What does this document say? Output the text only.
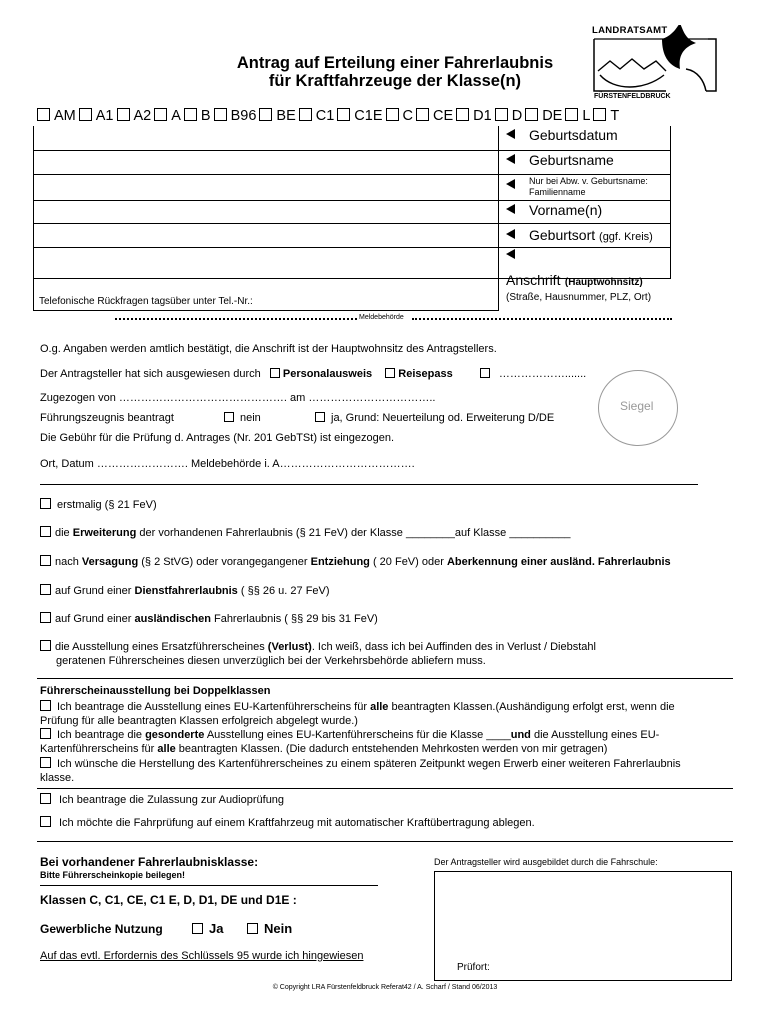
LANDRATSAMT
FÜRSTENFELDBRUCK
Antrag auf Erteilung einer Fahrerlaubnis
für Kraftfahrzeuge der Klasse(n)
AM A1 A2 A B B96 BE C1 C1E C CE D1 D DE L T
Geburtsdatum
Geburtsname
Nur bei Abw. v. Geburtsname:
Familienname
Vorname(n)
Geburtsort (ggf. Kreis)
Anschrift (Hauptwohnsitz)
(Straße, Hausnummer, PLZ, Ort)
Telefonische Rückfragen tagsüber unter Tel.-Nr.:
Meldebehörde
O.g. Angaben werden amtlich bestätigt, die Anschrift ist der Hauptwohnsitz des Antragstellers.
Der Antragsteller hat sich ausgewiesen durch Personalausweis Reisepass	……………….......
Zugezogen von ………………………………………. am ……………………………..
Siegel
Führungszeugnis beantragt	nein	ja, Grund: Neuerteilung od. Erweiterung D/DE
Die Gebühr für die Prüfung d. Antrages (Nr. 201 GebTSt) ist eingezogen.
Ort, Datum ……………………. Meldebehörde i. A……………………………….
erstmalig (§ 21 FeV)
die Erweiterung der vorhandenen Fahrerlaubnis (§ 21 FeV) der Klasse ________auf Klasse __________
nach Versagung (§ 2 StVG) oder vorangegangener Entziehung ( 20 FeV) oder Aberkennung einer ausländ. Fahrerlaubnis
auf Grund einer Dienstfahrerlaubnis ( §§ 26 u. 27 FeV)
auf Grund einer ausländischen Fahrerlaubnis ( §§ 29 bis 31 FeV)
die Ausstellung eines Ersatzführerscheines (Verlust). Ich weiß, dass ich bei Auffinden des in Verlust / Diebstahl
geratenen Führerscheines diesen unverzüglich bei der Verkehrsbehörde abliefern muss.
Führerscheinausstellung bei Doppelklassen
Ich beantrage die Ausstellung eines EU-Kartenführerscheins für alle beantragten Klassen.(Aushändigung erfolgt erst, wenn die
Prüfung für alle beantragten Klassen erfolgreich abgelegt wurde.)
Ich beantrage die gesonderte Ausstellung eines EU-Kartenführerscheins für die Klasse ____und die Ausstellung eines EU-
Kartenführerscheins für alle beantragten Klassen. (Die dadurch entstehenden Mehrkosten werden von mir getragen)
Ich wünsche die Herstellung des Kartenführerscheines zu einem späteren Zeitpunkt wegen Erwerb einer weiteren Fahrerlaubnis
klasse.
Ich beantrage die Zulassung zur Audioprüfung
Ich möchte die Fahrprüfung auf einem Kraftfahrzeug mit automatischer Kraftübertragung ablegen.
Bei vorhandener Fahrerlaubnisklasse:
Bitte Führerscheinkopie beilegen!
Klassen C, C1, CE, C1 E, D, D1, DE und D1E :
Gewerbliche Nutzung	Ja	Nein
Auf das evtl. Erfordernis des Schlüssels 95 wurde ich hingewiesen
Der Antragsteller wird ausgebildet durch die Fahrschule:
Prüfort:
© Copyright LRA Fürstenfeldbruck Referat42 / A. Scharf / Stand 06/2013
